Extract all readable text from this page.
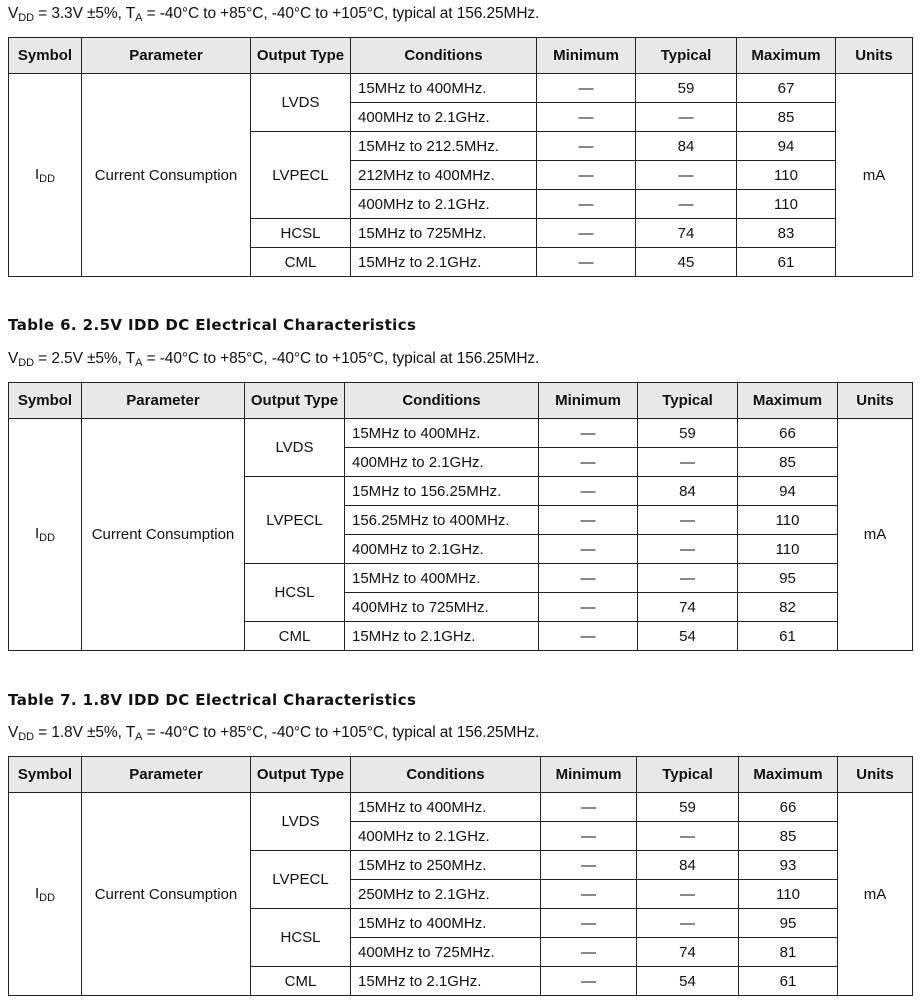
$V_{DD} = 3.3V \pm 5\%$, $T_A = -40^\circ C$ to +85°C, -40°C to +105°C, typical at 156.25MHz.
Symbol	Parameter	Output Type	Conditions	Minimum	Typical	Maximum	Units
$I_{DD}$	Current Consumption	LVDS	15MHz to 400MHz.	—	59	67	mA
			400MHz to 2.1GHz.	—	—	85	
		LVPECL	15MHz to 212.5MHz.	—	84	94	
			212MHz to 400MHz.	—	—	110	
			400MHz to 2.1GHz.	—	—	110	
		HCSL	15MHz to 725MHz.	—	74	83	
		CML	15MHz to 2.1GHz.	—	45	61	
Table 6. 2.5V IDD DC Electrical Characteristics
$V_{DD} = 2.5V \pm 5\%$, $T_A = -40^\circ C$ to +85°C, -40°C to +105°C, typical at 156.25MHz.
Symbol	Parameter	Output Type	Conditions	Minimum	Typical	Maximum	Units
$I_{DD}$	Current Consumption	LVDS	15MHz to 400MHz.	—	59	66	mA
			400MHz to 2.1GHz.	—	—	85	
		LVPECL	15MHz to 156.25MHz.	—	84	94	
			156.25MHz to 400MHz.	—	—	110	
			400MHz to 2.1GHz.	—	—	110	
		HCSL	15MHz to 400MHz.	—	—	95	
			400MHz to 725MHz.	—	74	82	
		CML	15MHz to 2.1GHz.	—	54	61	
Table 7. 1.8V IDD DC Electrical Characteristics
$V_{DD} = 1.8V \pm 5\%$, $T_A = -40^\circ C$ to +85°C, -40°C to +105°C, typical at 156.25MHz.
Symbol	Parameter	Output Type	Conditions	Minimum	Typical	Maximum	Units
$I_{DD}$	Current Consumption	LVDS	15MHz to 400MHz.	—	59	66	mA
			400MHz to 2.1GHz.	—	—	85	
		LVPECL	15MHz to 250MHz.	—	84	93	
			250MHz to 2.1GHz.	—	—	110	
		HCSL	15MHz to 400MHz.	—	—	95	
			400MHz to 725MHz.	—	74	81	
		CML	15MHz to 2.1GHz.	—	54	61	
